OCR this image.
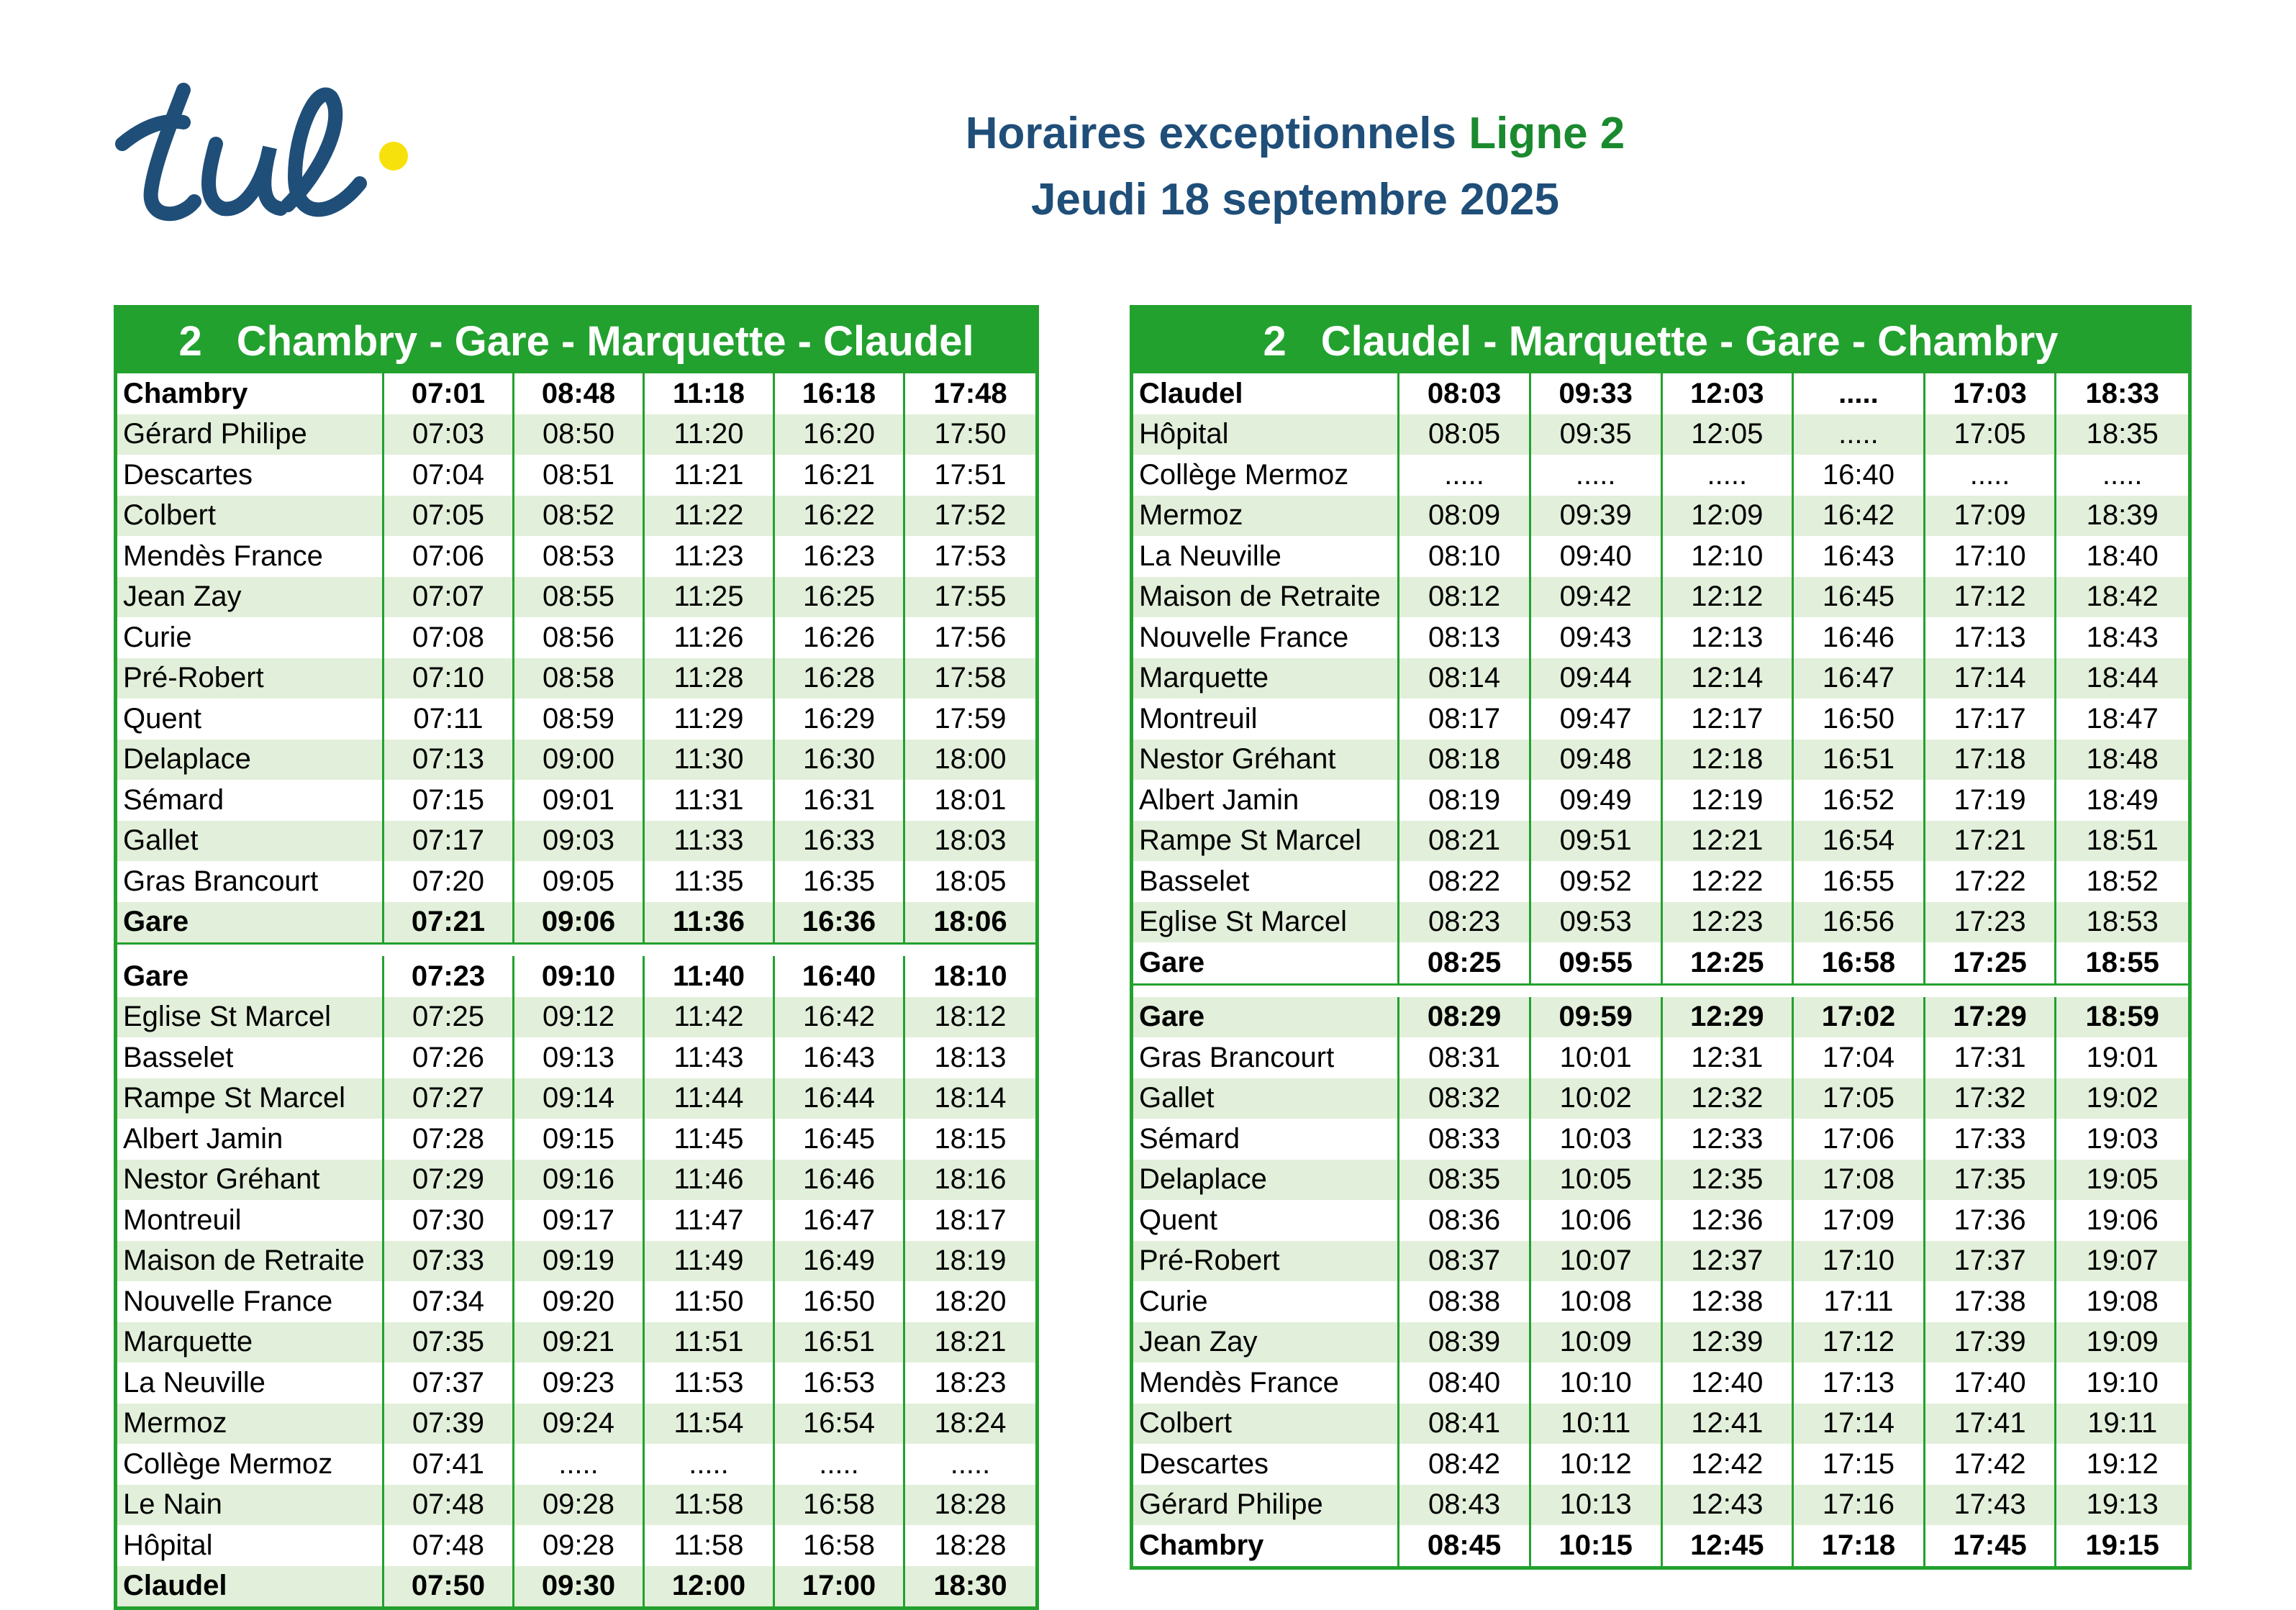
Horaires exceptionnels Ligne 2
Jeudi 18 septembre 2025
2 Chambry - Gare - Marquette - Claudel
Chambry	07:01	08:48	11:18	16:18	17:48
Gérard Philipe	07:03	08:50	11:20	16:20	17:50
Descartes	07:04	08:51	11:21	16:21	17:51
Colbert	07:05	08:52	11:22	16:22	17:52
Mendès France	07:06	08:53	11:23	16:23	17:53
Jean Zay	07:07	08:55	11:25	16:25	17:55
Curie	07:08	08:56	11:26	16:26	17:56
Pré-Robert	07:10	08:58	11:28	16:28	17:58
Quent	07:11	08:59	11:29	16:29	17:59
Delaplace	07:13	09:00	11:30	16:30	18:00
Sémard	07:15	09:01	11:31	16:31	18:01
Gallet	07:17	09:03	11:33	16:33	18:03
Gras Brancourt	07:20	09:05	11:35	16:35	18:05
Gare	07:21	09:06	11:36	16:36	18:06
Gare	07:23	09:10	11:40	16:40	18:10
Eglise St Marcel	07:25	09:12	11:42	16:42	18:12
Basselet	07:26	09:13	11:43	16:43	18:13
Rampe St Marcel	07:27	09:14	11:44	16:44	18:14
Albert Jamin	07:28	09:15	11:45	16:45	18:15
Nestor Gréhant	07:29	09:16	11:46	16:46	18:16
Montreuil	07:30	09:17	11:47	16:47	18:17
Maison de Retraite	07:33	09:19	11:49	16:49	18:19
Nouvelle France	07:34	09:20	11:50	16:50	18:20
Marquette	07:35	09:21	11:51	16:51	18:21
La Neuville	07:37	09:23	11:53	16:53	18:23
Mermoz	07:39	09:24	11:54	16:54	18:24
Collège Mermoz	07:41	.....	.....	.....	.....
Le Nain	07:48	09:28	11:58	16:58	18:28
Hôpital	07:48	09:28	11:58	16:58	18:28
Claudel	07:50	09:30	12:00	17:00	18:30
2 Claudel - Marquette - Gare - Chambry
Claudel	08:03	09:33	12:03	.....	17:03	18:33
Hôpital	08:05	09:35	12:05	.....	17:05	18:35
Collège Mermoz	.....	.....	.....	16:40	.....	.....
Mermoz	08:09	09:39	12:09	16:42	17:09	18:39
La Neuville	08:10	09:40	12:10	16:43	17:10	18:40
Maison de Retraite	08:12	09:42	12:12	16:45	17:12	18:42
Nouvelle France	08:13	09:43	12:13	16:46	17:13	18:43
Marquette	08:14	09:44	12:14	16:47	17:14	18:44
Montreuil	08:17	09:47	12:17	16:50	17:17	18:47
Nestor Gréhant	08:18	09:48	12:18	16:51	17:18	18:48
Albert Jamin	08:19	09:49	12:19	16:52	17:19	18:49
Rampe St Marcel	08:21	09:51	12:21	16:54	17:21	18:51
Basselet	08:22	09:52	12:22	16:55	17:22	18:52
Eglise St Marcel	08:23	09:53	12:23	16:56	17:23	18:53
Gare	08:25	09:55	12:25	16:58	17:25	18:55
Gare	08:29	09:59	12:29	17:02	17:29	18:59
Gras Brancourt	08:31	10:01	12:31	17:04	17:31	19:01
Gallet	08:32	10:02	12:32	17:05	17:32	19:02
Sémard	08:33	10:03	12:33	17:06	17:33	19:03
Delaplace	08:35	10:05	12:35	17:08	17:35	19:05
Quent	08:36	10:06	12:36	17:09	17:36	19:06
Pré-Robert	08:37	10:07	12:37	17:10	17:37	19:07
Curie	08:38	10:08	12:38	17:11	17:38	19:08
Jean Zay	08:39	10:09	12:39	17:12	17:39	19:09
Mendès France	08:40	10:10	12:40	17:13	17:40	19:10
Colbert	08:41	10:11	12:41	17:14	17:41	19:11
Descartes	08:42	10:12	12:42	17:15	17:42	19:12
Gérard Philipe	08:43	10:13	12:43	17:16	17:43	19:13
Chambry	08:45	10:15	12:45	17:18	17:45	19:15
